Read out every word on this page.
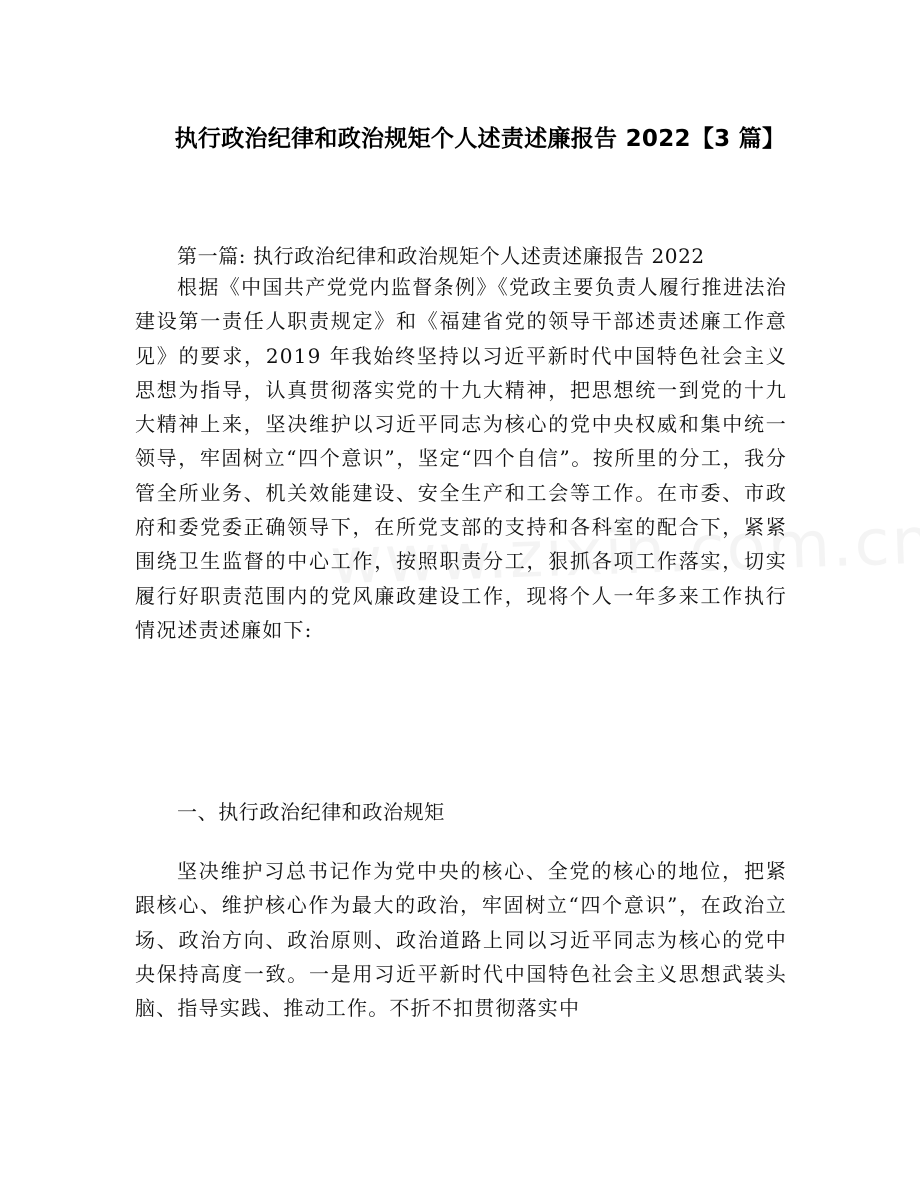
执行政治纪律和政治规矩个人述责述廉报告 2022【3 篇】
第一篇: 执行政治纪律和政治规矩个人述责述廉报告 2022
根据《中国共产党党内监督条例》《党政主要负责人履行推进法治建设第一责任人职责规定》和《福建省党的领导干部述责述廉工作意见》的要求，2019 年我始终坚持以习近平新时代中国特色社会主义思想为指导，认真贯彻落实党的十九大精神，把思想统一到党的十九大精神上来，坚决维护以习近平同志为核心的党中央权威和集中统一领导，牢固树立“四个意识”，坚定“四个自信”。按所里的分工，我分管全所业务、机关效能建设、安全生产和工会等工作。在市委、市政府和委党委正确领导下，在所党支部的支持和各科室的配合下，紧紧围绕卫生监督的中心工作，按照职责分工，狠抓各项工作落实，切实履行好职责范围内的党风廉政建设工作，现将个人一年多来工作执行情况述责述廉如下:
一、执行政治纪律和政治规矩
坚决维护习总书记作为党中央的核心、全党的核心的地位，把紧跟核心、维护核心作为最大的政治，牢固树立“四个意识”，在政治立场、政治方向、政治原则、政治道路上同以习近平同志为核心的党中央保持高度一致。一是用习近平新时代中国特色社会主义思想武装头脑、指导实践、推动工作。不折不扣贯彻落实中
